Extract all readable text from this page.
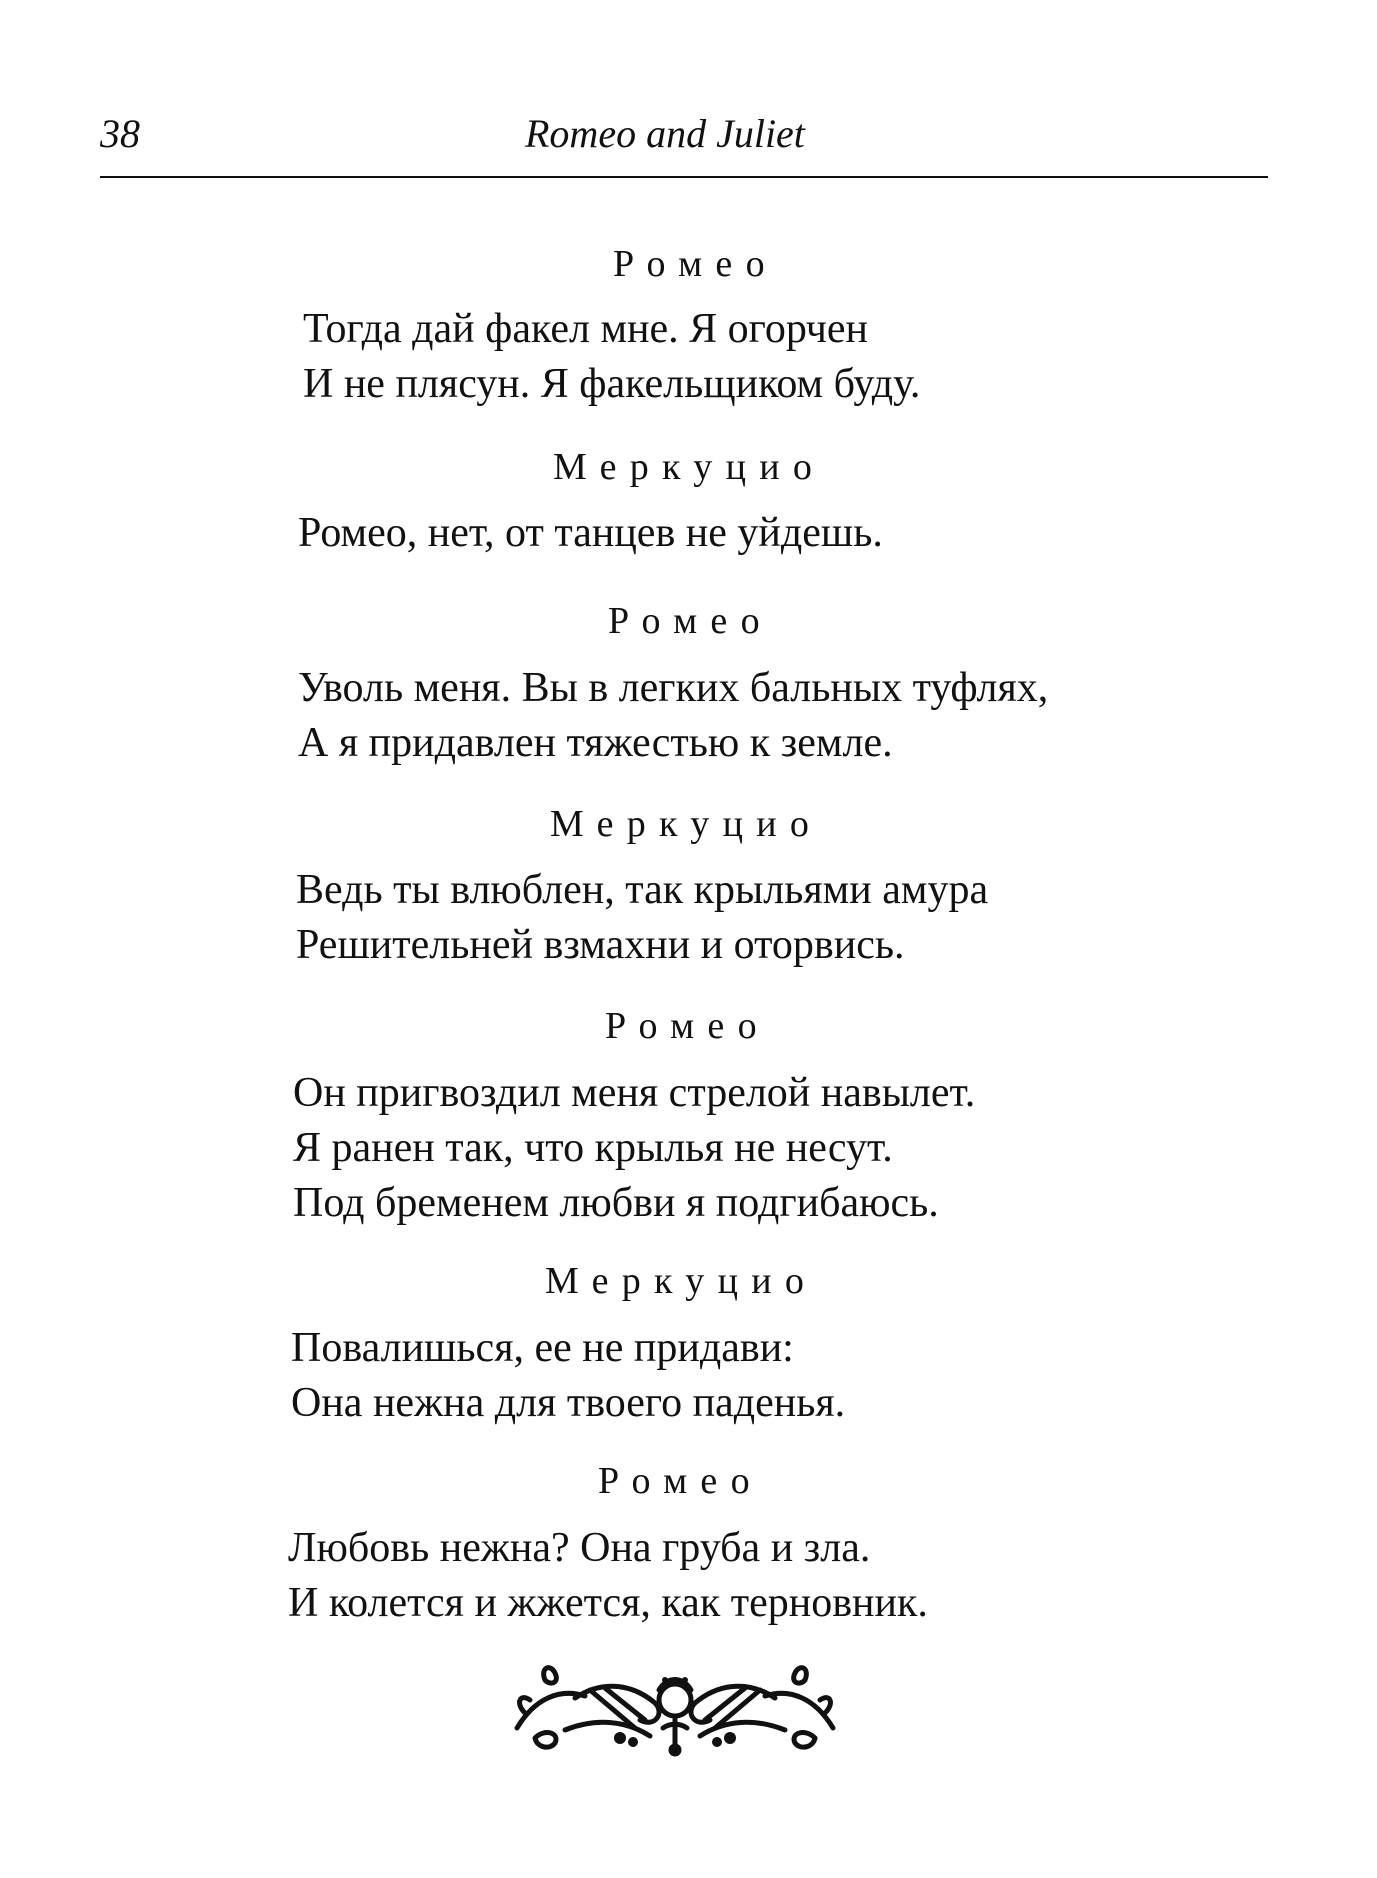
38	Romeo and Juliet
Ромео
Тогда дай факел мне. Я огорчен
И не плясун. Я факельщиком буду.
Меркуцио
Ромео, нет, от танцев не уйдешь.
Ромео
Уволь меня. Вы в легких бальных туфлях,
А я придавлен тяжестью к земле.
Меркуцио
Ведь ты влюблен, так крыльями амура
Решительней взмахни и оторвись.
Ромео
Он пригвоздил меня стрелой навылет.
Я ранен так, что крылья не несут.
Под бременем любви я подгибаюсь.
Меркуцио
Повалишься, ее не придави:
Она нежна для твоего паденья.
Ромео
Любовь нежна? Она груба и зла.
И колется и жжется, как терновник.
